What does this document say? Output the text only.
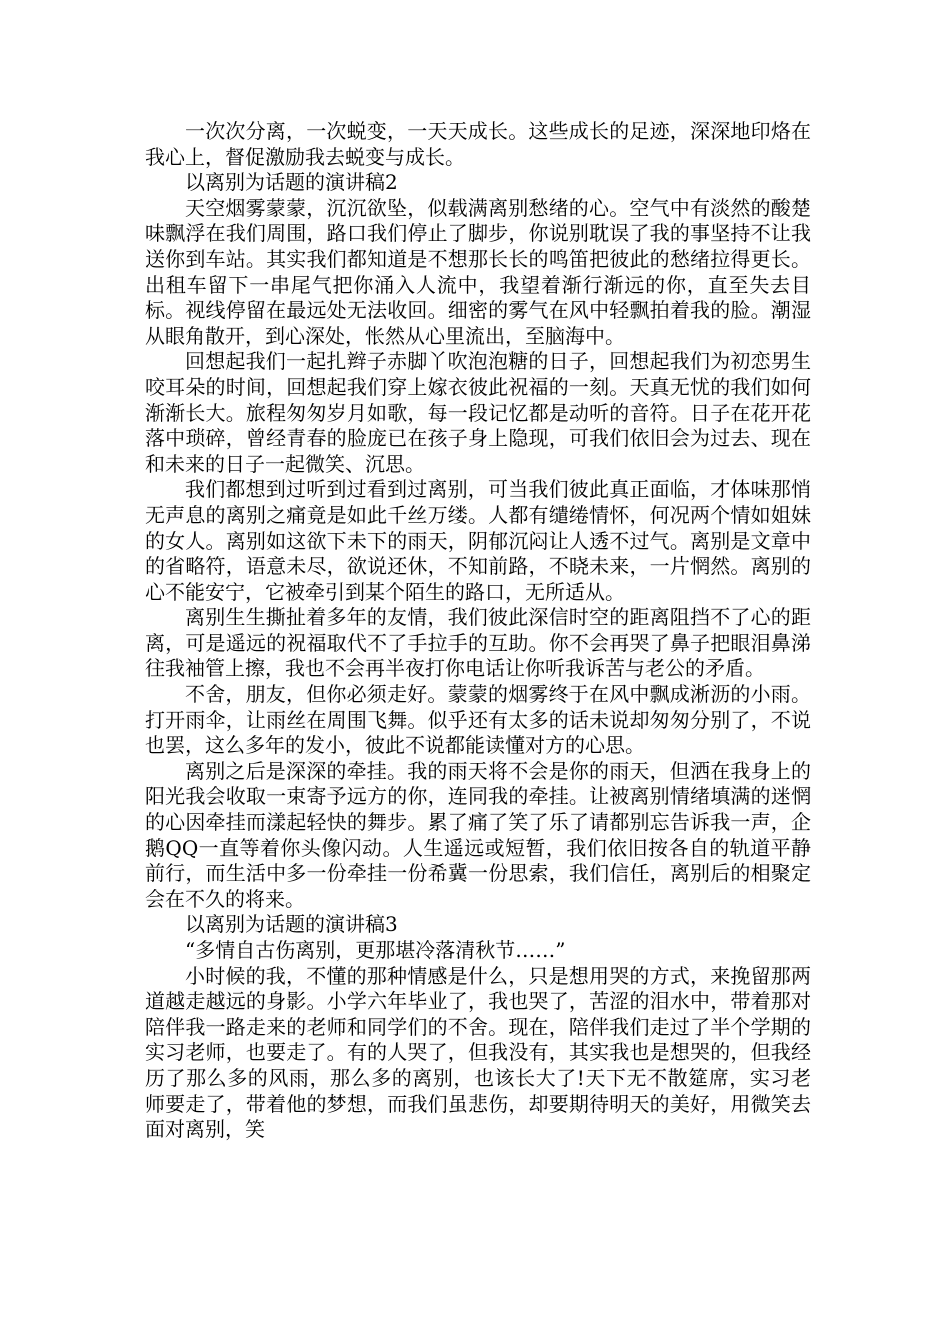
一次次分离，一次蜕变，一天天成长。这些成长的足迹，深深地印烙在我心上，督促激励我去蜕变与成长。

以离别为话题的演讲稿2

天空烟雾蒙蒙，沉沉欲坠，似载满离别愁绪的心。空气中有淡然的酸楚味飘浮在我们周围，路口我们停止了脚步，你说别耽误了我的事坚持不让我送你到车站。其实我们都知道是不想那长长的鸣笛把彼此的愁绪拉得更长。出租车留下一串尾气把你涌入人流中，我望着渐行渐远的你，直至失去目标。视线停留在最远处无法收回。细密的雾气在风中轻飘拍着我的脸。潮湿从眼角散开，到心深处，怅然从心里流出，至脑海中。

回想起我们一起扎辫子赤脚丫吹泡泡糖的日子，回想起我们为初恋男生咬耳朵的时间，回想起我们穿上嫁衣彼此祝福的一刻。天真无忧的我们如何渐渐长大。旅程匆匆岁月如歌，每一段记忆都是动听的音符。日子在花开花落中琐碎，曾经青春的脸庞已在孩子身上隐现，可我们依旧会为过去、现在和未来的日子一起微笑、沉思。

我们都想到过听到过看到过离别，可当我们彼此真正面临，才体味那悄无声息的离别之痛竟是如此千丝万缕。人都有缱绻情怀，何况两个情如姐妹的女人。离别如这欲下未下的雨天，阴郁沉闷让人透不过气。离别是文章中的省略符，语意未尽，欲说还休，不知前路，不晓未来，一片惘然。离别的心不能安宁，它被牵引到某个陌生的路口，无所适从。

离别生生撕扯着多年的友情，我们彼此深信时空的距离阻挡不了心的距离，可是遥远的祝福取代不了手拉手的互助。你不会再哭了鼻子把眼泪鼻涕往我袖管上擦，我也不会再半夜打你电话让你听我诉苦与老公的矛盾。

不舍，朋友，但你必须走好。蒙蒙的烟雾终于在风中飘成淅沥的小雨。打开雨伞，让雨丝在周围飞舞。似乎还有太多的话未说却匆匆分别了，不说也罢，这么多年的发小，彼此不说都能读懂对方的心思。

离别之后是深深的牵挂。我的雨天将不会是你的雨天，但洒在我身上的阳光我会收取一束寄予远方的你，连同我的牵挂。让被离别情绪填满的迷惘的心因牵挂而漾起轻快的舞步。累了痛了笑了乐了请都别忘告诉我一声，企鹅QQ一直等着你头像闪动。人生遥远或短暂，我们依旧按各自的轨道平静前行，而生活中多一份牵挂一份希冀一份思索，我们信任，离别后的相聚定会在不久的将来。

以离别为话题的演讲稿3

“多情自古伤离别，更那堪冷落清秋节……”

小时候的我，不懂的那种情感是什么，只是想用哭的方式，来挽留那两道越走越远的身影。小学六年毕业了，我也哭了，苦涩的泪水中，带着那对陪伴我一路走来的老师和同学们的不舍。现在，陪伴我们走过了半个学期的实习老师，也要走了。有的人哭了，但我没有，其实我也是想哭的，但我经历了那么多的风雨，那么多的离别，也该长大了!天下无不散筵席，实习老师要走了，带着他的梦想，而我们虽悲伤，却要期待明天的美好，用微笑去面对离别，笑
